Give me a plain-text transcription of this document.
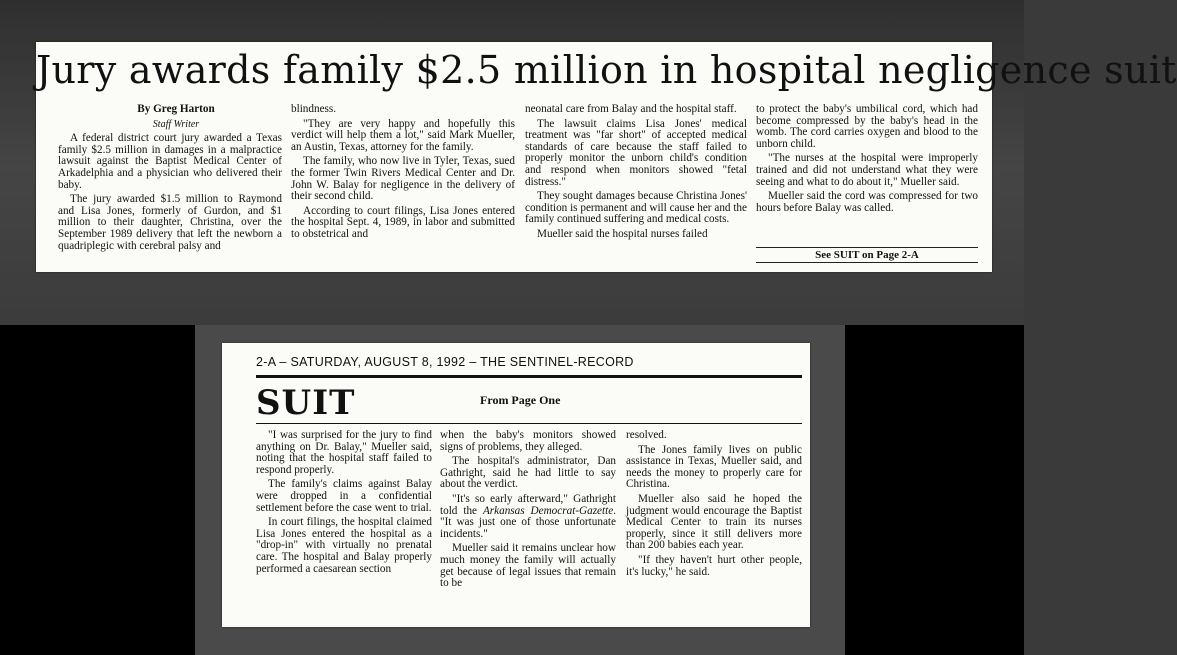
Jury awards family $2.5 million in hospital negligence suit

By Greg Harton

Staff Writer

A federal district court jury awarded a Texas family $2.5 million in damages in a malpractice lawsuit against the Baptist Medical Center of Arkadelphia and a physician who delivered their baby.

The jury awarded $1.5 million to Raymond and Lisa Jones, formerly of Gurdon, and $1 million to their daughter, Christina, over the September 1989 delivery that left the newborn a quadriplegic with cerebral palsy and

blindness.

"They are very happy and hopefully this verdict will help them a lot," said Mark Mueller, an Austin, Texas, attorney for the family.

The family, who now live in Tyler, Texas, sued the former Twin Rivers Medical Center and Dr. John W. Balay for negligence in the delivery of their second child.

According to court filings, Lisa Jones entered the hospital Sept. 4, 1989, in labor and submitted to obstetrical and

neonatal care from Balay and the hospital staff.

The lawsuit claims Lisa Jones' medical treatment was "far short" of accepted medical standards of care because the staff failed to properly monitor the unborn child's condition and respond when monitors showed "fetal distress."

They sought damages because Christina Jones' condition is permanent and will cause her and the family continued suffering and medical costs.

Mueller said the hospital nurses failed

to protect the baby's umbilical cord, which had become compressed by the baby's head in the womb. The cord carries oxygen and blood to the unborn child.

"The nurses at the hospital were improperly trained and did not understand what they were seeing and what to do about it," Mueller said.

Mueller said the cord was compressed for two hours before Balay was called.

See SUIT on Page 2-A
2-A – SATURDAY, AUGUST 8, 1992 – THE SENTINEL-RECORD
SUIT	From Page One

"I was surprised for the jury to find anything on Dr. Balay," Mueller said, noting that the hospital staff failed to respond properly.

The family's claims against Balay were dropped in a confidential settlement before the case went to trial.

In court filings, the hospital claimed Lisa Jones entered the hospital as a "drop-in" with virtually no prenatal care. The hospital and Balay properly performed a caesarean section

when the baby's monitors showed signs of problems, they alleged.

The hospital's administrator, Dan Gathright, said he had little to say about the verdict.

"It's so early afterward," Gathright told the Arkansas Democrat-Gazette. "It was just one of those unfortunate incidents."

Mueller said it remains unclear how much money the family will actually get because of legal issues that remain to be

resolved.

The Jones family lives on public assistance in Texas, Mueller said, and needs the money to properly care for Christina.

Mueller also said he hoped the judgment would encourage the Baptist Medical Center to train its nurses properly, since it still delivers more than 200 babies each year.

"If they haven't hurt other people, it's lucky," he said.
